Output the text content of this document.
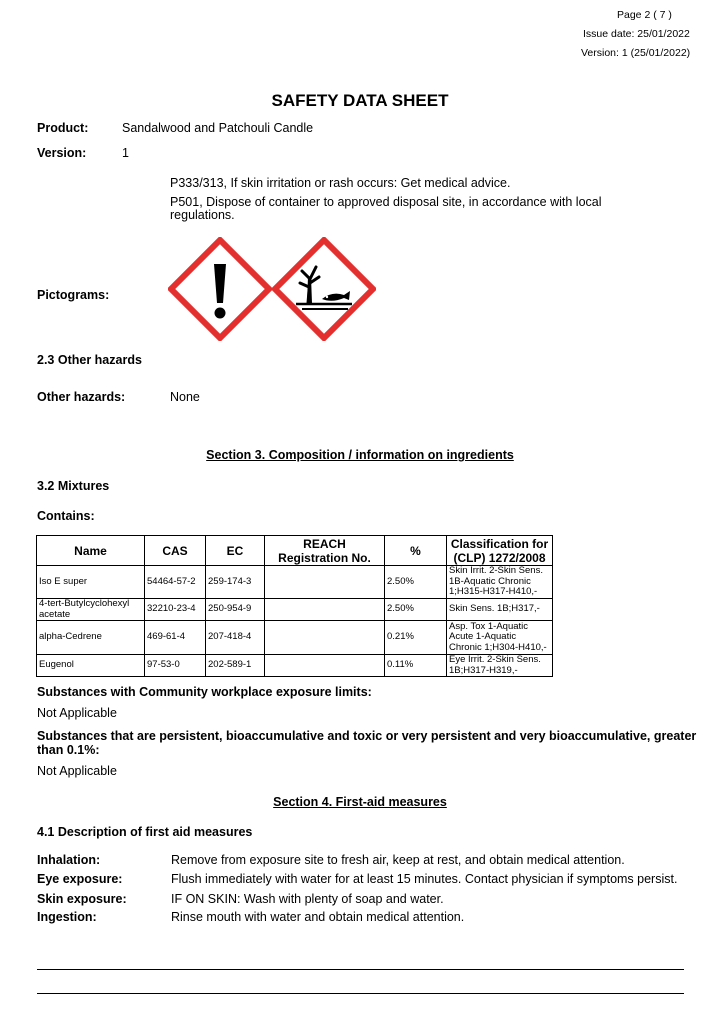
Page 2 ( 7 )
Issue date: 25/01/2022
Version: 1 (25/01/2022)
SAFETY DATA SHEET
Product:	Sandalwood and Patchouli Candle
Version:	1
P333/313, If skin irritation or rash occurs: Get medical advice.
P501, Dispose of container to approved disposal site, in accordance with local
regulations.
Pictograms:
2.3 Other hazards
Other hazards:	None
Section 3. Composition / information on ingredients
3.2 Mixtures
Contains:
Name	CAS	EC	REACH Registration No.	%	Classification for (CLP) 1272/2008
Iso E super	54464-57-2	259-174-3		2.50%	Skin Irrit. 2-Skin Sens. 1B-Aquatic Chronic 1;H315-H317-H410,-
4-tert-Butylcyclohexyl acetate	32210-23-4	250-954-9		2.50%	Skin Sens. 1B;H317,-
alpha-Cedrene	469-61-4	207-418-4		0.21%	Asp. Tox 1-Aquatic Acute 1-Aquatic Chronic 1;H304-H410,-
Eugenol	97-53-0	202-589-1		0.11%	Eye Irrit. 2-Skin Sens. 1B;H317-H319,-
Substances with Community workplace exposure limits:
Not Applicable
Substances that are persistent, bioaccumulative and toxic or very persistent and very bioaccumulative, greater
than 0.1%:
Not Applicable
Section 4. First-aid measures
4.1 Description of first aid measures
Inhalation:	Remove from exposure site to fresh air, keep at rest, and obtain medical attention.
Eye exposure:	Flush immediately with water for at least 15 minutes. Contact physician if symptoms persist.
Skin exposure:	IF ON SKIN: Wash with plenty of soap and water.
Ingestion:	Rinse mouth with water and obtain medical attention.
